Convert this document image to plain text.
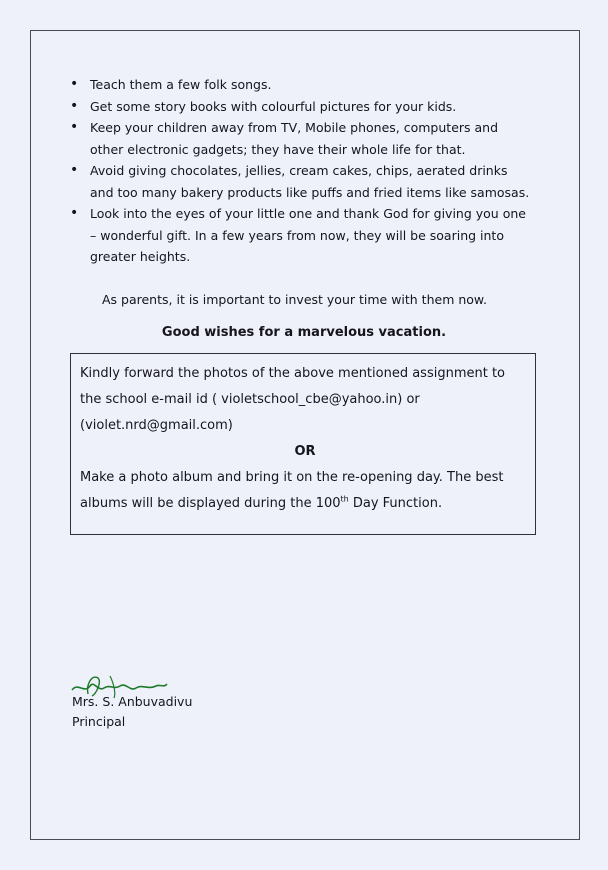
• Teach them a few folk songs.
• Get some story books with colourful pictures for your kids.
• Keep your children away from TV, Mobile phones, computers and other electronic gadgets; they have their whole life for that.
• Avoid giving chocolates, jellies, cream cakes, chips, aerated drinks and too many bakery products like puffs and fried items like samosas.
• Look into the eyes of your little one and thank God for giving you one – wonderful gift. In a few years from now, they will be soaring into greater heights.
As parents, it is important to invest your time with them now.
Good wishes for a marvelous vacation.
Kindly forward the photos of the above mentioned assignment to the school e-mail id ( violetschool_cbe@yahoo.in) or (violet.nrd@gmail.com)
OR
Make a photo album and bring it on the re-opening day. The best albums will be displayed during the 100th Day Function.
Mrs. S. Anbuvadivu
Principal
